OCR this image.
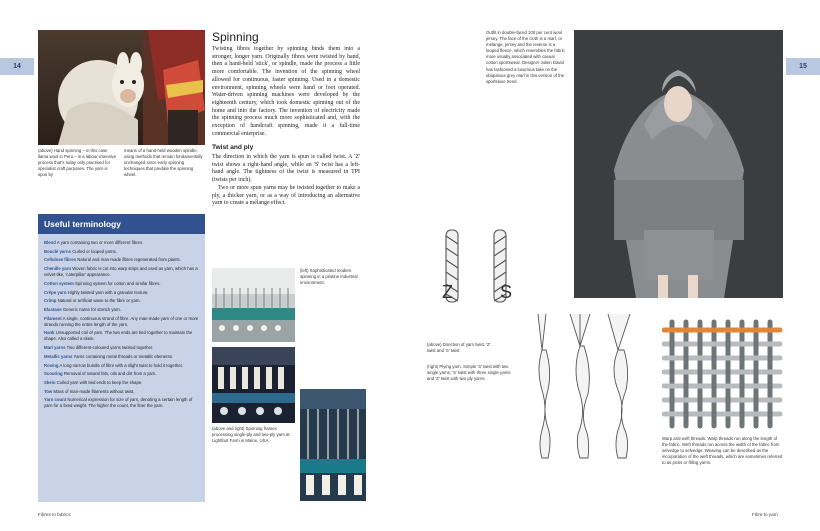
14	15
(above) Hand spinning – in this case llama wool in Peru – is a labour-intensive process that's today only practised for specialist craft purposes. The yarn is spun by
means of a hand-held wooden spindle, using methods that remain fundamentally unchanged since early spinning techniques that predate the spinning wheel.
Spinning

Twisting fibres together by spinning binds them into a stronger, longer yarn. Originally fibres were twisted by hand, then a hand-held 'stick', or spindle, made the process a little more comfortable. The invention of the spinning wheel allowed for continuous, faster spinning. Used in a domestic environment, spinning wheels were hand or foot operated. Water-driven spinning machines were developed by the eighteenth century, which took domestic spinning out of the home and into the factory. The invention of electricity made the spinning process much more sophisticated and, with the exception of handcraft spinning, made it a full-time commercial enterprise.

Twist and ply

The direction in which the yarn is spun is called twist. A 'Z' twist shows a right-hand angle, while an 'S' twist has a left-hand angle. The tightness of the twist is measured in TPI (twists per inch).

Two or more spun yarns may be twisted together to make a ply, a thicker yarn, or as a way of introducing an alternative yarn to create a mélange effect.

Useful terminology
Blend A yarn containing two or more different fibres.
Bouclé yarns Curled or looped yarns.
Cellulose fibres Natural and man-made fibres regenerated from plants.
Chenille yarn Woven fabric is cut into warp strips and used as yarn, which has a velvet-like, 'caterpillar' appearance.
Cotton system Spinning system for cotton and similar fibres.
Crêpe yarn Highly twisted yarn with a granular texture.
Crimp Natural or artificial wave to the fibre or yarn.
Elastane Generic name for stretch yarn.
Filament A single, continuous strand of fibre. Any man-made yarn of one or more strands running the entire length of the yarn.
Hank Unsupported coil of yarn. The two ends are tied together to maintain the shape. Also called a skein.
Marl yarns Two different-coloured yarns twisted together.
Metallic yarns Yarns containing metal threads or metallic elements.
Roving A long narrow bundle of fibre with a slight twist to hold it together.
Scouring Removal of natural fats, oils and dirt from a yarn.
Skein Coiled yarn with tied ends to keep the shape.
Tow Mass of man-made filaments without twist.
Yarn count Numerical expression for size of yarn, denoting a certain length of yarn for a fixed weight. The higher the count, the finer the yarn.
(left) Sophisticated modern spinning in a pristine industrial environment.
(above and right) Spinning frames processing single-ply and two-ply yarn at Lightfoot Farm in Maine, USA.
Fibres to fabrics
Outfit in double-faced 100 per cent wool jersey. The face of the cloth is a marl, or mélange, jersey and the reverse is a looped fleece, which resembles the fabric more usually associated with casual cotton sportswear. Designer Julien David has fashioned a luxurious take on the ubiquitous grey marl in this version of the sportsluxe trend.
Z	S
(above) Direction of yarn twist. 'Z' twist and 'S' twist
(right) Plying yarn. Simple 'S' twist with two single yarns; 'S' twist with three single yarns and 'Z' twist with two ply yarns.
Warp and weft threads. Warp threads run along the length of the fabric. Weft threads run across the width of the fabric from selvedge to selvedge. Weaving can be described as the incorporation of the weft threads, which are sometimes referred to as picks or filling yarns.
Fibre to yarn
